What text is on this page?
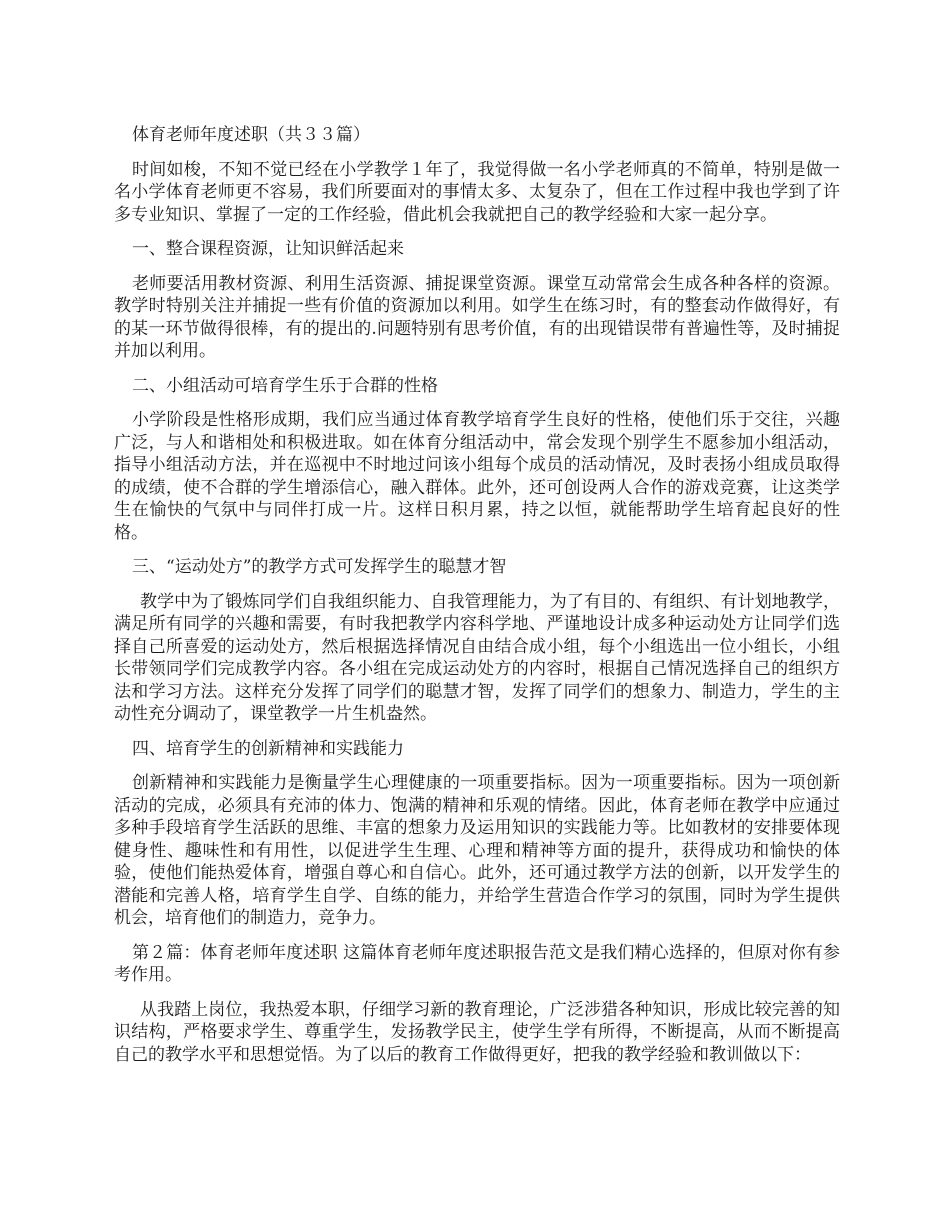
体育老师年度述职（共３３篇）

时间如梭，不知不觉已经在小学教学１年了，我觉得做一名小学老师真的不简单，特别是做一名小学体育老师更不容易，我们所要面对的事情太多、太复杂了，但在工作过程中我也学到了许多专业知识、掌握了一定的工作经验，借此机会我就把自己的教学经验和大家一起分享。

一、整合课程资源，让知识鲜活起来

老师要活用教材资源、利用生活资源、捕捉课堂资源。课堂互动常常会生成各种各样的资源。教学时特别关注并捕捉一些有价值的资源加以利用。如学生在练习时，有的整套动作做得好，有的某一环节做得很棒，有的提出的.问题特别有思考价值，有的出现错误带有普遍性等，及时捕捉并加以利用。

二、小组活动可培育学生乐于合群的性格

小学阶段是性格形成期，我们应当通过体育教学培育学生良好的性格，使他们乐于交往，兴趣广泛，与人和谐相处和积极进取。如在体育分组活动中，常会发现个别学生不愿参加小组活动，指导小组活动方法，并在巡视中不时地过问该小组每个成员的活动情况，及时表扬小组成员取得的成绩，使不合群的学生增添信心，融入群体。此外，还可创设两人合作的游戏竞赛，让这类学生在愉快的气氛中与同伴打成一片。这样日积月累，持之以恒，就能帮助学生培育起良好的性格。

三、“运动处方”的教学方式可发挥学生的聪慧才智

教学中为了锻炼同学们自我组织能力、自我管理能力，为了有目的、有组织、有计划地教学，满足所有同学的兴趣和需要，有时我把教学内容科学地、严谨地设计成多种运动处方让同学们选择自己所喜爱的运动处方，然后根据选择情况自由结合成小组，每个小组选出一位小组长，小组长带领同学们完成教学内容。各小组在完成运动处方的内容时，根据自己情况选择自己的组织方法和学习方法。这样充分发挥了同学们的聪慧才智，发挥了同学们的想象力、制造力，学生的主动性充分调动了，课堂教学一片生机盎然。

四、培育学生的创新精神和实践能力

创新精神和实践能力是衡量学生心理健康的一项重要指标。因为一项重要指标。因为一项创新活动的完成，必须具有充沛的体力、饱满的精神和乐观的情绪。因此，体育老师在教学中应通过多种手段培育学生活跃的思维、丰富的想象力及运用知识的实践能力等。比如教材的安排要体现健身性、趣味性和有用性，以促进学生生理、心理和精神等方面的提升，获得成功和愉快的体验，使他们能热爱体育，增强自尊心和自信心。此外，还可通过教学方法的创新，以开发学生的潜能和完善人格，培育学生自学、自练的能力，并给学生营造合作学习的氛围，同时为学生提供机会，培育他们的制造力，竞争力。

第２篇：体育老师年度述职 这篇体育老师年度述职报告范文是我们精心选择的，但原对你有参考作用。

从我踏上岗位，我热爱本职，仔细学习新的教育理论，广泛涉猎各种知识，形成比较完善的知识结构，严格要求学生、尊重学生，发扬教学民主，使学生学有所得，不断提高，从而不断提高自己的教学水平和思想觉悟。为了以后的教育工作做得更好，把我的教学经验和教训做以下：
